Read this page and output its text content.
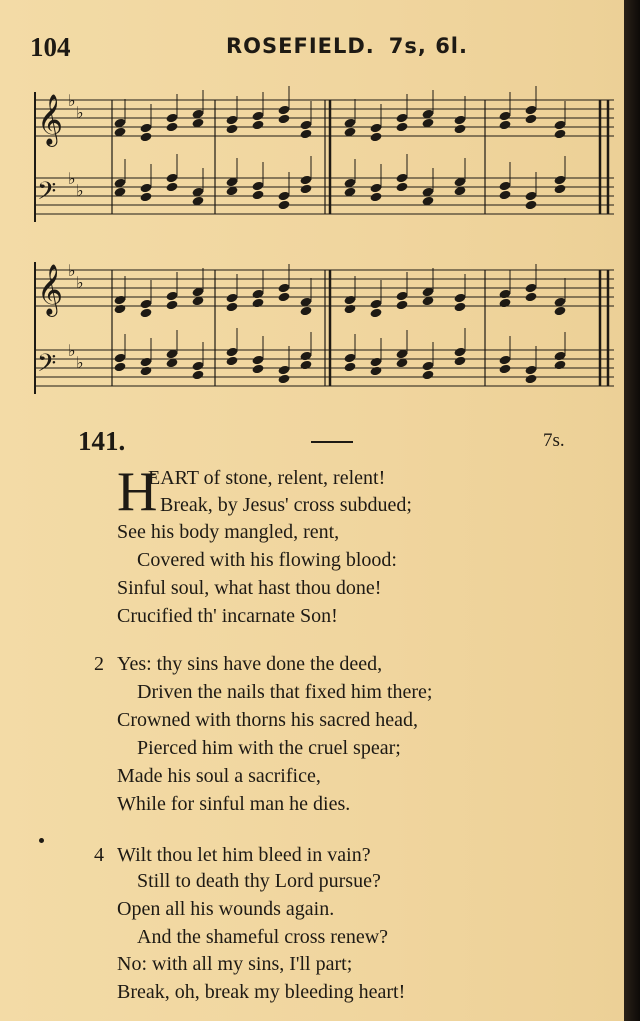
104	ROSEFIELD. 7s, 6l.
𝄞 ♭
♭
𝄢 ♭
♭
𝄞 ♭
♭
𝄢 ♭
♭
141.	7s.
H
EART of stone, relent, relent!
Break, by Jesus' cross subdued;
See his body mangled, rent,
Covered with his flowing blood:
Sinful soul, what hast thou done!
Crucified th' incarnate Son!
2 Yes: thy sins have done the deed,
Driven the nails that fixed him there;
Crowned with thorns his sacred head,
Pierced him with the cruel spear;
Made his soul a sacrifice,
While for sinful man he dies.
4 Wilt thou let him bleed in vain?
Still to death thy Lord pursue?
Open all his wounds again.
And the shameful cross renew?
No: with all my sins, I'll part;
Break, oh, break my bleeding heart!
